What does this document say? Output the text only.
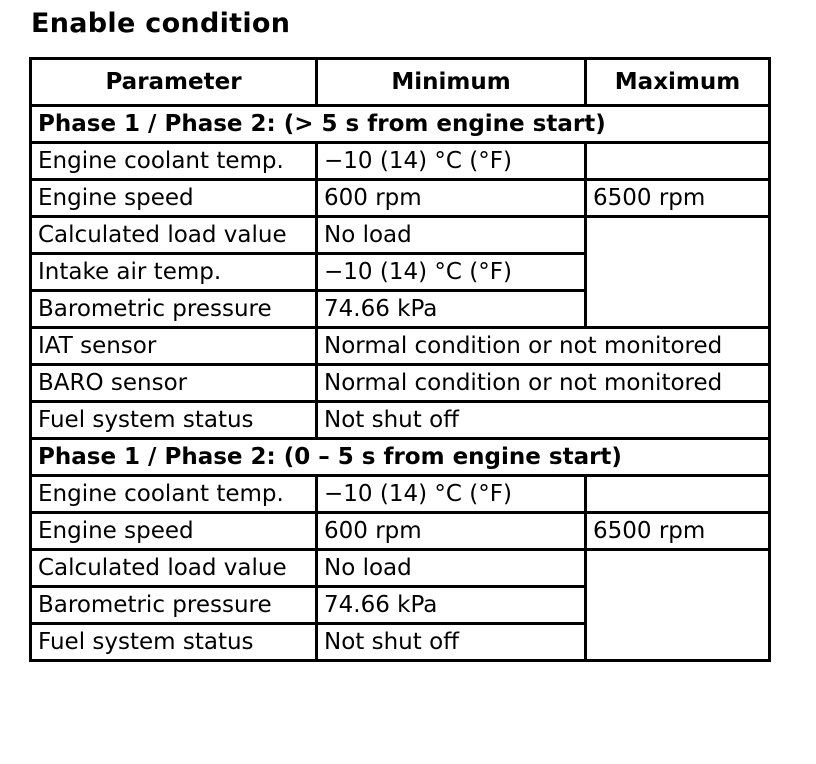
Enable condition
Parameter	Minimum	Maximum
Phase 1 / Phase 2: (> 5 s from engine start)		
Engine coolant temp.	−10 (14) °C (°F)	
Engine speed	600 rpm	6500 rpm
Calculated load value	No load	
Intake air temp.	−10 (14) °C (°F)	
Barometric pressure	74.66 kPa	
IAT sensor	Normal condition or not monitored	
BARO sensor	Normal condition or not monitored	
Fuel system status	Not shut off	
Phase 1 / Phase 2: (0 – 5 s from engine start)		
Engine coolant temp.	−10 (14) °C (°F)	
Engine speed	600 rpm	6500 rpm
Calculated load value	No load	
Barometric pressure	74.66 kPa	
Fuel system status	Not shut off	
